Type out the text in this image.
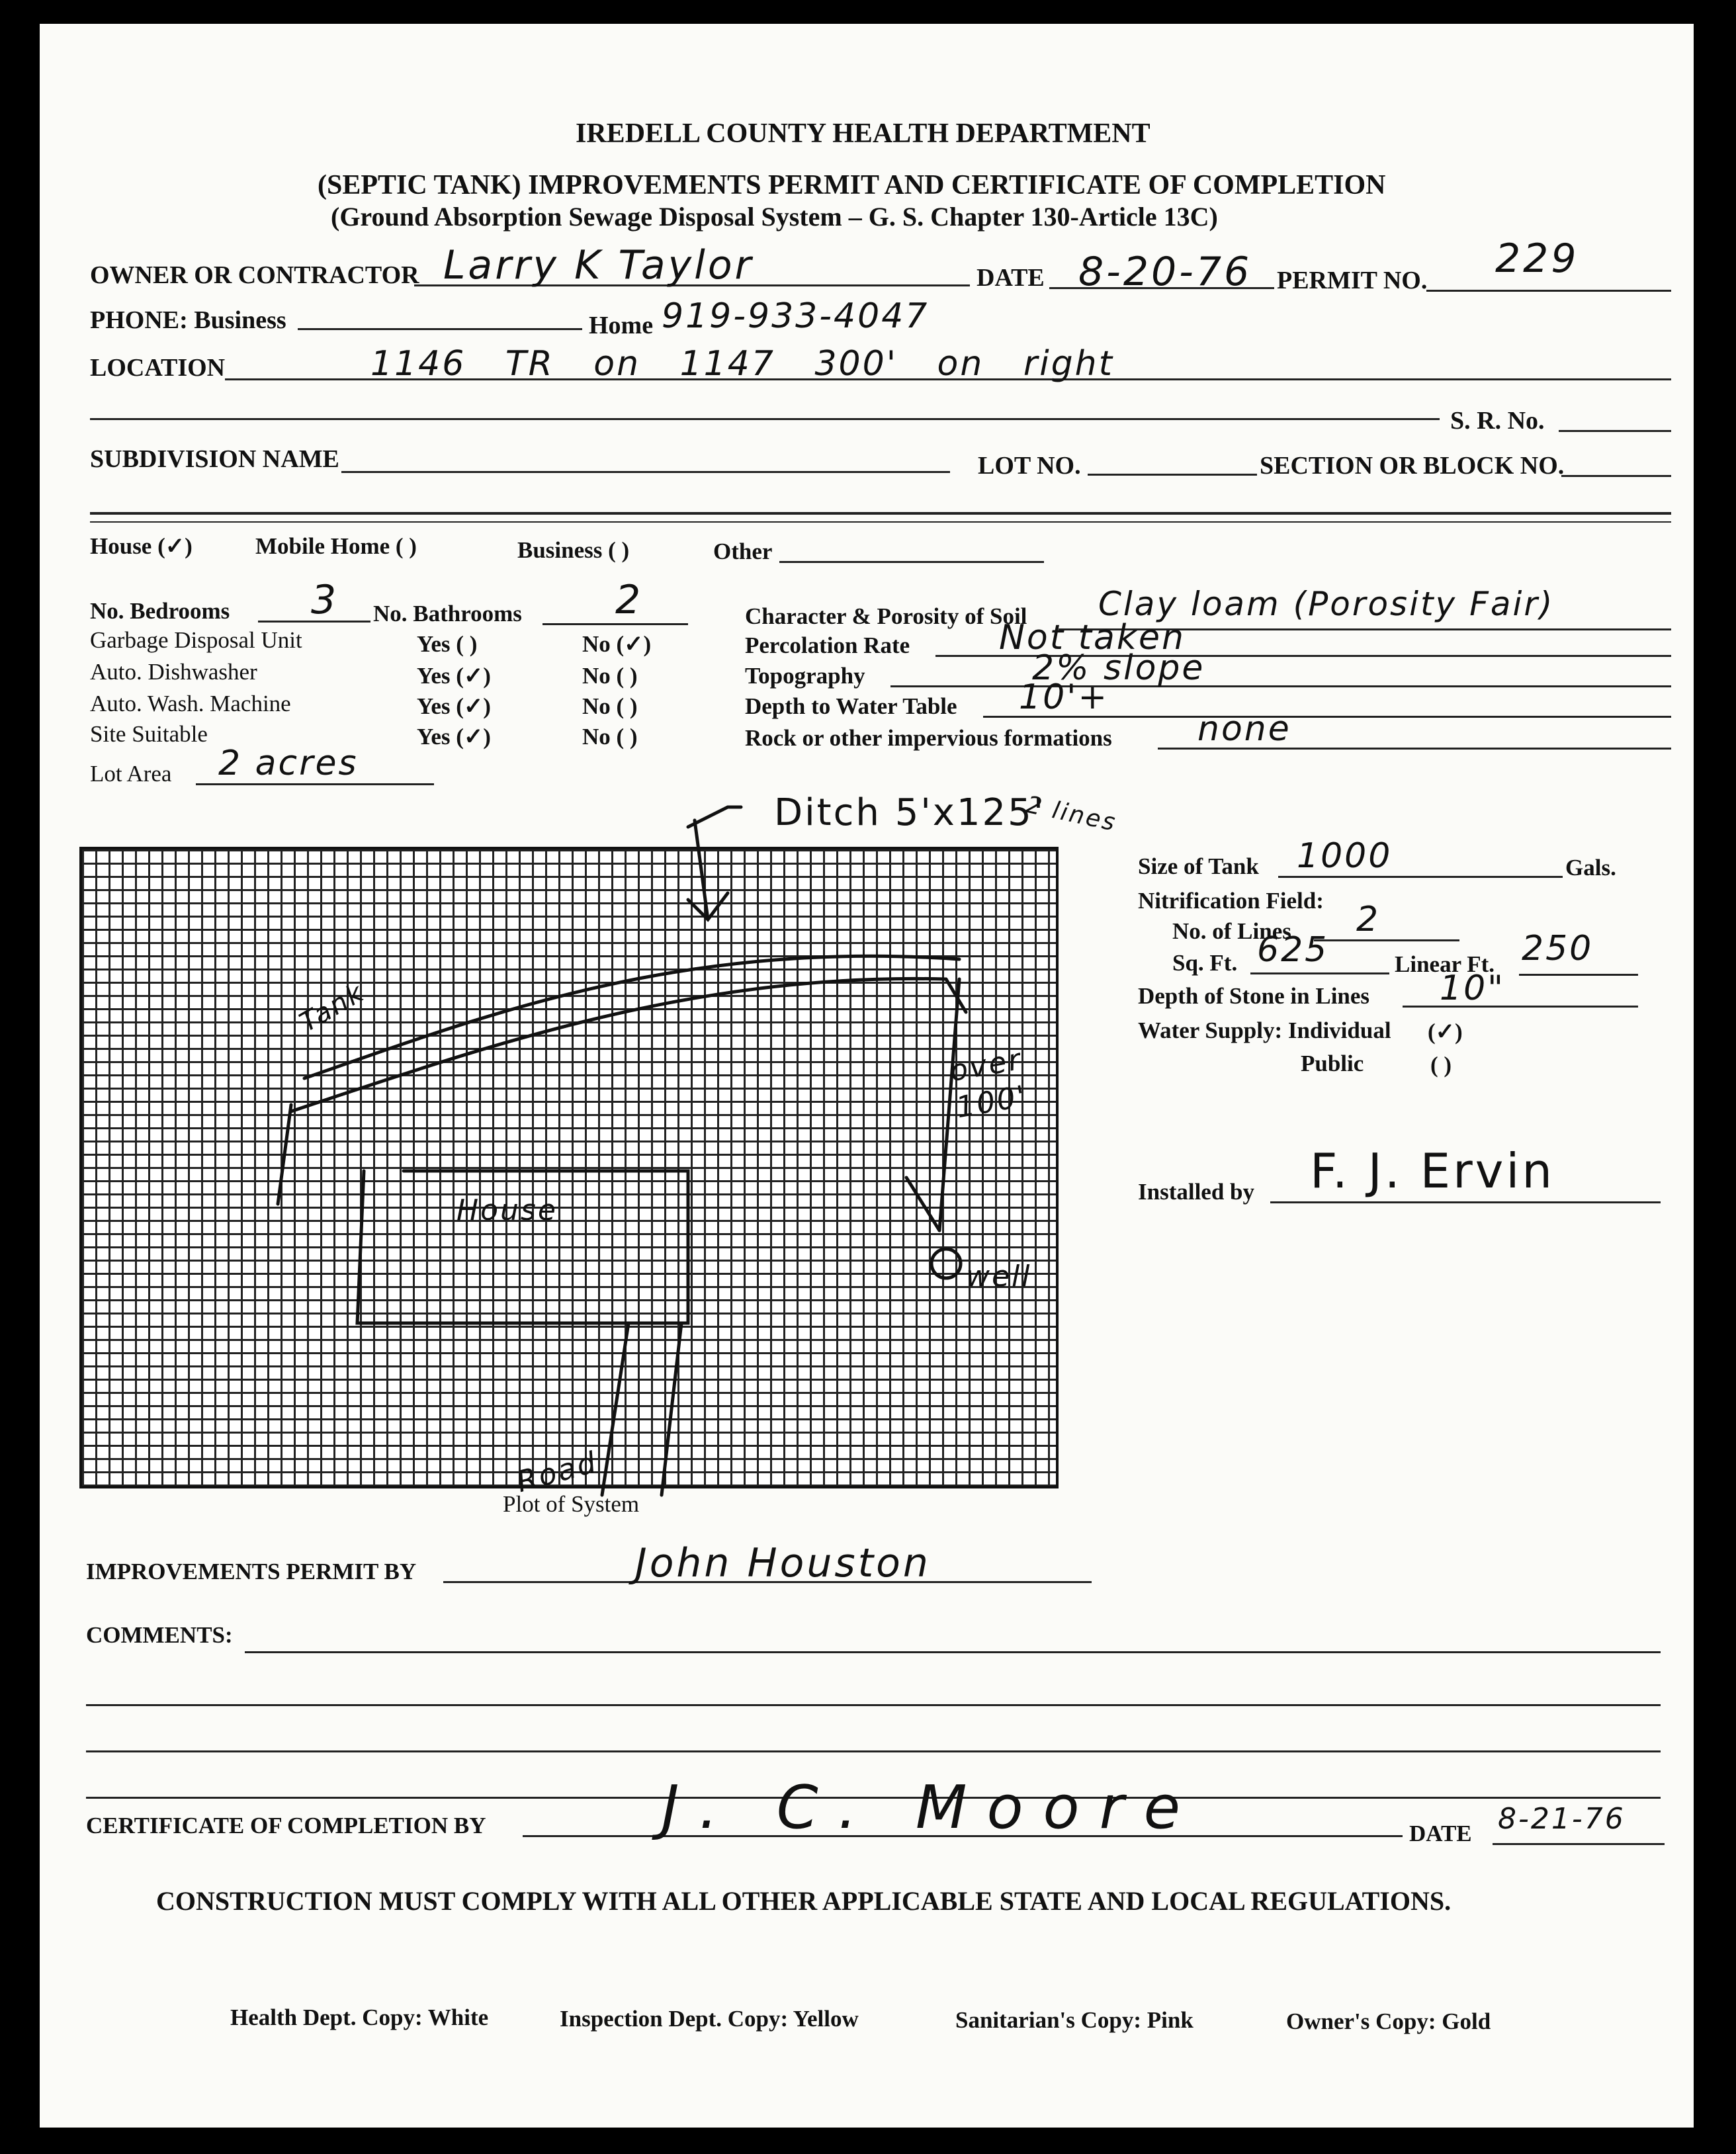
IREDELL COUNTY HEALTH DEPARTMENT
(SEPTIC TANK) IMPROVEMENTS PERMIT AND CERTIFICATE OF COMPLETION
(Ground Absorption Sewage Disposal System – G. S. Chapter 130-Article 13C)
OWNER OR CONTRACTOR Larry K Taylor	DATE 8-20-76 PERMIT NO. 229
PHONE: Business	Home 919-933-4047
LOCATION	1146 TR on 1147 300' on right
S. R. No.
SUBDIVISION NAME	LOT NO.	SECTION OR BLOCK NO.
House (✓)	Mobile Home ( )	Business ( )	Other
No. Bedrooms 3 No. Bathrooms 2
Garbage Disposal Unit	Yes ( )	No (✓)
Auto. Dishwasher	Yes (✓)	No ( )
Auto. Wash. Machine	Yes (✓)	No ( )
Site Suitable	Yes (✓)	No ( )
Lot Area 2 acres
Character & Porosity of Soil Clay loam (Porosity Fair)
Percolation Rate	Not taken
Topography	2% slope
Depth to Water Table 10'+
Rock or other impervious formations none
Ditch 5'x125'
2 lines
Tank
House
over 100'
well
Road
Plot of System
Size of Tank 1000	Gals.
Nitrification Field:
No. of Lines 2
Sq. Ft. 625	Linear Ft. 250
Depth of Stone in Lines 10"
Water Supply: Individual (✓)
Public	( )
Installed by F. J. Ervin
IMPROVEMENTS PERMIT BY	John Houston
COMMENTS:
CERTIFICATE OF COMPLETION BY	J. C. Moore	DATE 8-21-76
CONSTRUCTION MUST COMPLY WITH ALL OTHER APPLICABLE STATE AND LOCAL REGULATIONS.
Health Dept. Copy: White	Inspection Dept. Copy: Yellow	Sanitarian's Copy: Pink	Owner's Copy: Gold
